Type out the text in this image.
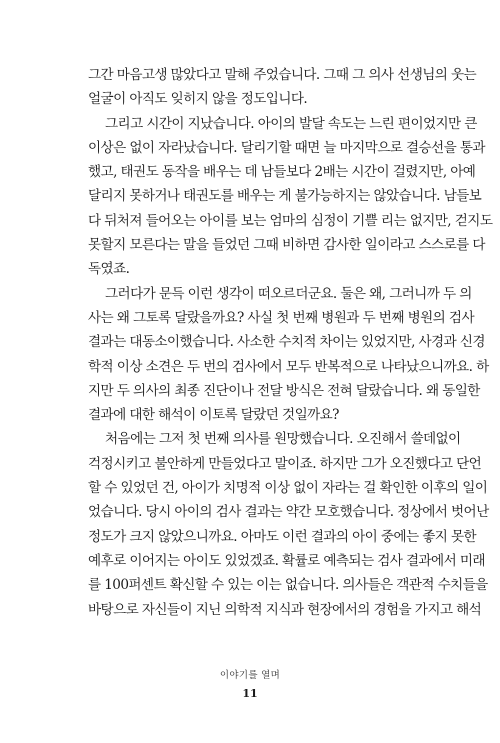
그간 마음고생 많았다고 말해 주었습니다. 그때 그 의사 선생님의 웃는
얼굴이 아직도 잊히지 않을 정도입니다.
그리고 시간이 지났습니다. 아이의 발달 속도는 느린 편이었지만 큰
이상은 없이 자라났습니다. 달리기할 때면 늘 마지막으로 결승선을 통과
했고, 태권도 동작을 배우는 데 남들보다 2배는 시간이 걸렸지만, 아예
달리지 못하거나 태권도를 배우는 게 불가능하지는 않았습니다. 남들보
다 뒤처져 들어오는 아이를 보는 엄마의 심정이 기쁠 리는 없지만, 걷지도
못할지 모른다는 말을 들었던 그때 비하면 감사한 일이라고 스스로를 다
독였죠.
그러다가 문득 이런 생각이 떠오르더군요. 둘은 왜, 그러니까 두 의
사는 왜 그토록 달랐을까요? 사실 첫 번째 병원과 두 번째 병원의 검사
결과는 대동소이했습니다. 사소한 수치적 차이는 있었지만, 사경과 신경
학적 이상 소견은 두 번의 검사에서 모두 반복적으로 나타났으니까요. 하
지만 두 의사의 최종 진단이나 전달 방식은 전혀 달랐습니다. 왜 동일한
결과에 대한 해석이 이토록 달랐던 것일까요?
처음에는 그저 첫 번째 의사를 원망했습니다. 오진해서 쓸데없이
걱정시키고 불안하게 만들었다고 말이죠. 하지만 그가 오진했다고 단언
할 수 있었던 건, 아이가 치명적 이상 없이 자라는 걸 확인한 이후의 일이
었습니다. 당시 아이의 검사 결과는 약간 모호했습니다. 정상에서 벗어난
정도가 크지 않았으니까요. 아마도 이런 결과의 아이 중에는 좋지 못한
예후로 이어지는 아이도 있었겠죠. 확률로 예측되는 검사 결과에서 미래
를 100퍼센트 확신할 수 있는 이는 없습니다. 의사들은 객관적 수치들을
바탕으로 자신들이 지닌 의학적 지식과 현장에서의 경험을 가지고 해석
이야기를 열며
11
